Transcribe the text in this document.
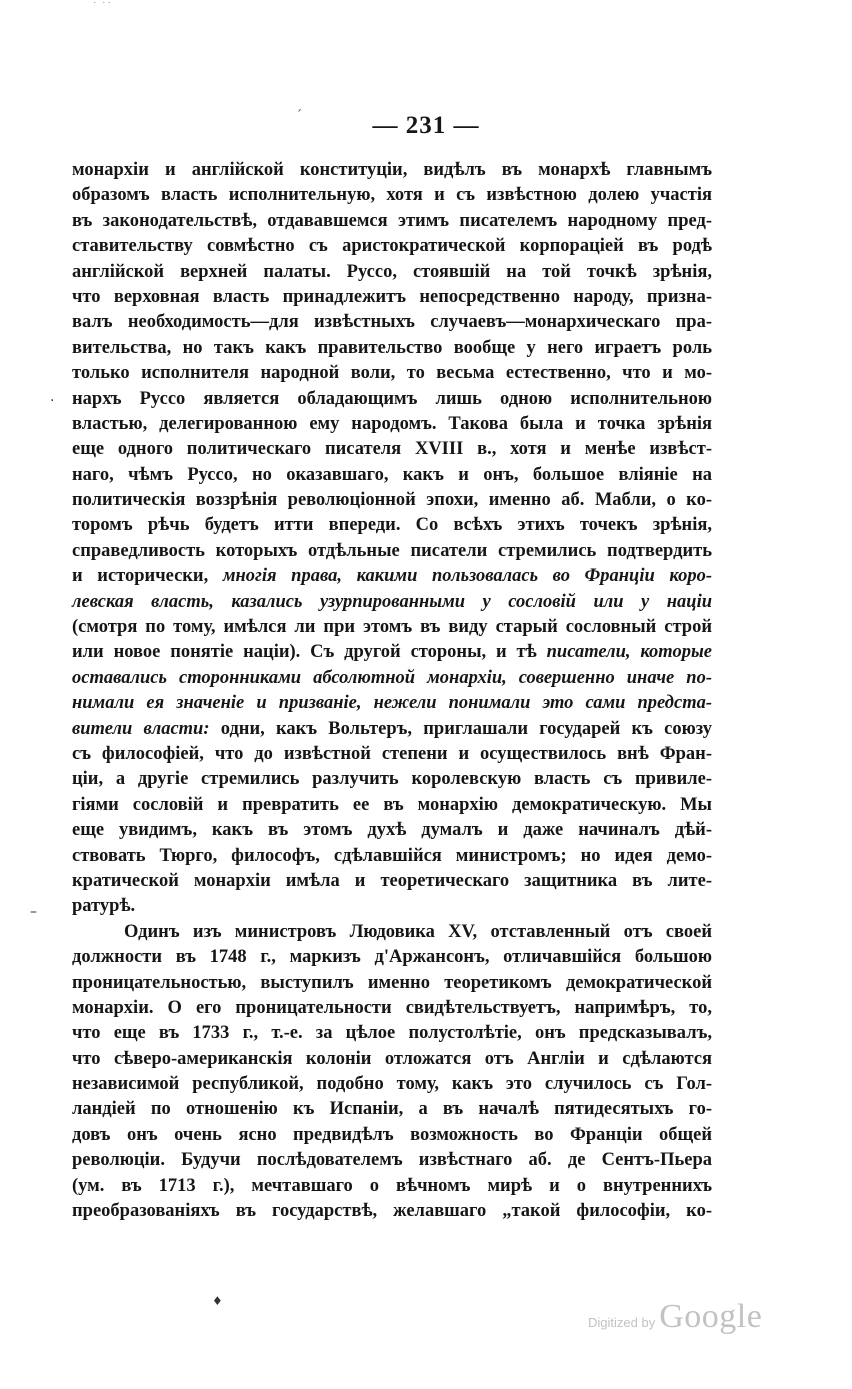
— 231 —
монархіи и англійской конституціи, видѣлъ въ монархѣ главнымъ
образомъ власть исполнительную, хотя и съ извѣстною долею участія
въ законодательствѣ, отдававшемся этимъ писателемъ народному пред-
ставительству совмѣстно съ аристократической корпораціей въ родѣ
англійской верхней палаты. Руссо, стоявшій на той точкѣ зрѣнія,
что верховная власть принадлежитъ непосредственно народу, призна-
валъ необходимость—для извѣстныхъ случаевъ—монархическаго пра-
вительства, но такъ какъ правительство вообще у него играетъ роль
только исполнителя народной воли, то весьма естественно, что и мо-
нархъ Руссо является обладающимъ лишь одною исполнительною
властью, делегированною ему народомъ. Такова была и точка зрѣнія
еще одного политическаго писателя XVIII в., хотя и менѣе извѣст-
наго, чѣмъ Руссо, но оказавшаго, какъ и онъ, большое вліяніе на
политическія воззрѣнія революціонной эпохи, именно аб. Мабли, о ко-
торомъ рѣчь будетъ итти впереди. Со всѣхъ этихъ точекъ зрѣнія,
справедливость которыхъ отдѣльные писатели стремились подтвердить
и исторически, многія права, какими пользовалась во Франціи коро-
левская власть, казались узурпированными у сословій или у націи
(смотря по тому, имѣлся ли при этомъ въ виду старый сословный строй
или новое понятіе націи). Съ другой стороны, и тѣ писатели, которые
оставались сторонниками абсолютной монархіи, совершенно иначе по-
нимали ея значеніе и призваніе, нежели понимали это сами предста-
вители власти: одни, какъ Вольтеръ, приглашали государей къ союзу
съ философіей, что до извѣстной степени и осуществилось внѣ Фран-
ціи, а другіе стремились разлучить королевскую власть съ привиле-
гіями сословій и превратить ее въ монархію демократическую. Мы
еще увидимъ, какъ въ этомъ духѣ думалъ и даже начиналъ дѣй-
ствовать Тюрго, философъ, сдѣлавшійся министромъ; но идея демо-
кратической монархіи имѣла и теоретическаго защитника въ лите-
ратурѣ.
Одинъ изъ министровъ Людовика XV, отставленный отъ своей
должности въ 1748 г., маркизъ д'Аржансонъ, отличавшійся большою
проницательностью, выступилъ именно теоретикомъ демократической
монархіи. О его проницательности свидѣтельствуетъ, напримѣръ, то,
что еще въ 1733 г., т.-е. за цѣлое полустолѣтіе, онъ предсказывалъ,
что сѣверо-американскія колоніи отложатся отъ Англіи и сдѣлаются
независимой республикой, подобно тому, какъ это случилось съ Гол-
ландіей по отношенію къ Испаніи, а въ началѣ пятидесятыхъ го-
довъ онъ очень ясно предвидѣлъ возможность во Франціи общей
революціи. Будучи послѣдователемъ извѣстнаго аб. де Сентъ-Пьера
(ум. въ 1713 г.), мечтавшаго о вѣчномъ мирѣ и о внутреннихъ
преобразованіяхъ въ государствѣ, желавшаго „такой философіи, ко-
ˊ
·
–
♦
˙ ˙˙
Digitized by Google
